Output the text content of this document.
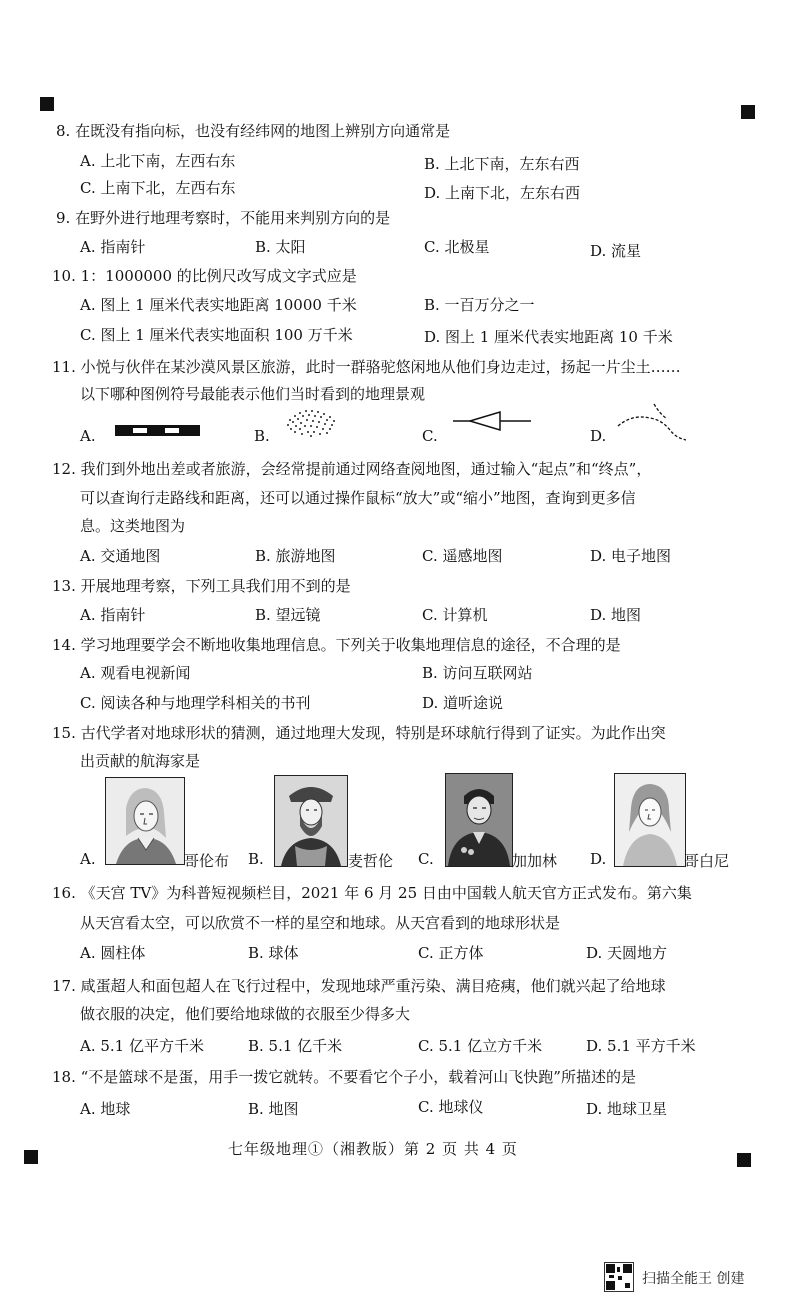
8. 在既没有指向标，也没有经纬网的地图上辨别方向通常是
A. 上北下南，左西右东	B. 上北下南，左东右西
C. 上南下北，左西右东	D. 上南下北，左东右西
9. 在野外进行地理考察时，不能用来判别方向的是
A. 指南针	B. 太阳	C. 北极星	D. 流星
10. 1：1000000 的比例尺改写成文字式应是
A. 图上 1 厘米代表实地距离 10000 千米	B. 一百万分之一
C. 图上 1 厘米代表实地面积 100 万千米	D. 图上 1 厘米代表实地距离 10 千米
11. 小悦与伙伴在某沙漠风景区旅游，此时一群骆驼悠闲地从他们身边走过，扬起一片尘土……
以下哪种图例符号最能表示他们当时看到的地理景观
A.	B.	C.	D.
12. 我们到外地出差或者旅游，会经常提前通过网络查阅地图，通过输入“起点”和“终点”，
可以查询行走路线和距离，还可以通过操作鼠标“放大”或“缩小”地图，查询到更多信
息。这类地图为
A. 交通地图	B. 旅游地图	C. 遥感地图	D. 电子地图
13. 开展地理考察，下列工具我们用不到的是
A. 指南针	B. 望远镜	C. 计算机	D. 地图
14. 学习地理要学会不断地收集地理信息。下列关于收集地理信息的途径，不合理的是
A. 观看电视新闻	B. 访问互联网站
C. 阅读各种与地理学科相关的书刊	D. 道听途说
15. 古代学者对地球形状的猜测，通过地理大发现，特别是环球航行得到了证实。为此作出突
出贡献的航海家是
A.	哥伦布 B.	麦哲伦 C.	加加林 D.	哥白尼
16. 《天宫 TV》为科普短视频栏目，2021 年 6 月 25 日由中国载人航天官方正式发布。第六集
从天宫看太空，可以欣赏不一样的星空和地球。从天宫看到的地球形状是
A. 圆柱体	B. 球体	C. 正方体	D. 天圆地方
17. 咸蛋超人和面包超人在飞行过程中，发现地球严重污染、满目疮痍，他们就兴起了给地球
做衣服的决定，他们要给地球做的衣服至少得多大
A. 5.1 亿平方千米	B. 5.1 亿千米	C. 5.1 亿立方千米	D. 5.1 平方千米
18. “不是篮球不是蛋，用手一拨它就转。不要看它个子小，载着河山飞快跑”所描述的是
A. 地球	B. 地图	C. 地球仪	D. 地球卫星
七年级地理①（湘教版）第 2 页 共 4 页
扫描全能王 创建
